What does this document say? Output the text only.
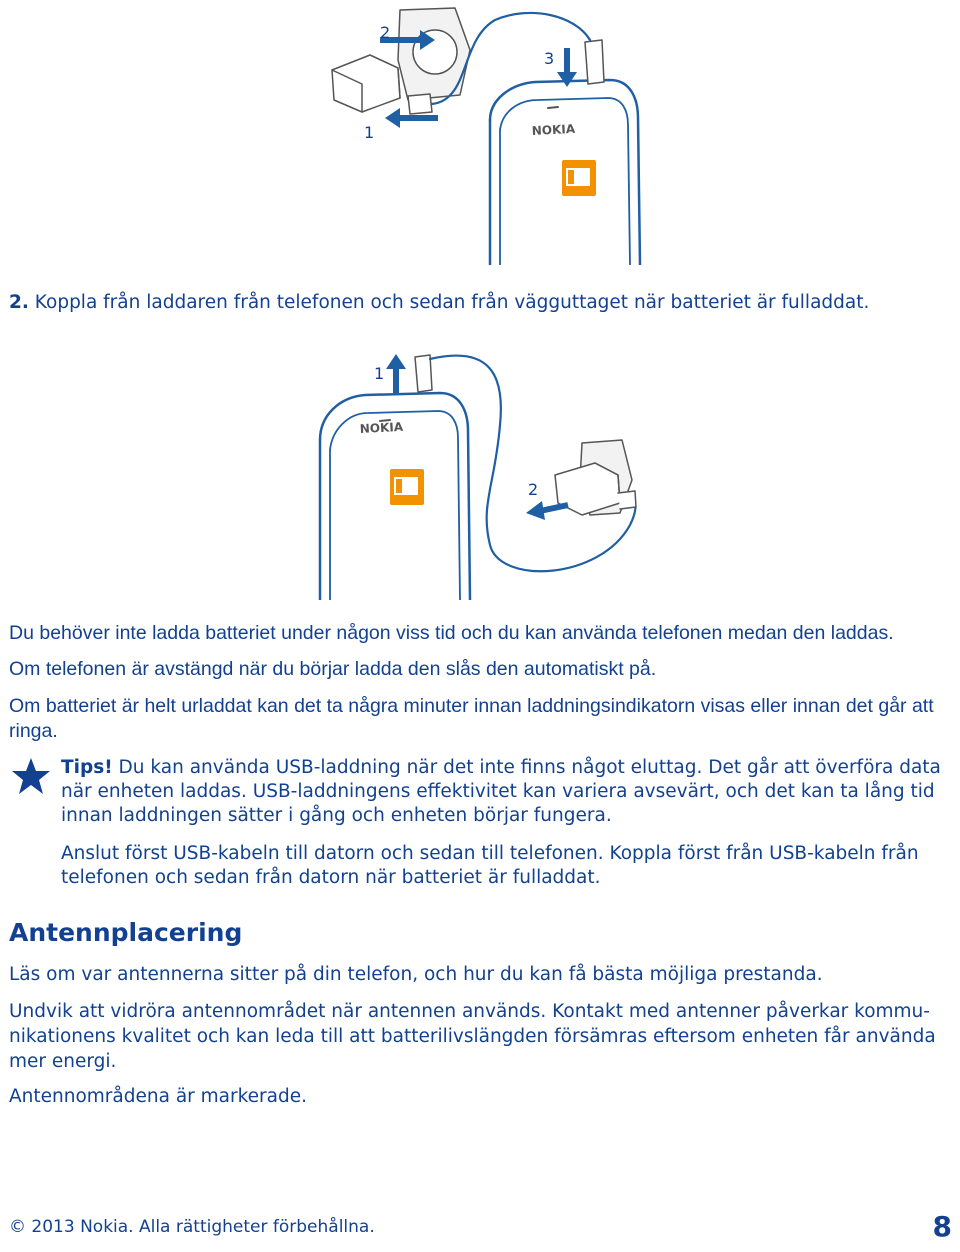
NOKIA
2
3
1

2. Koppla från laddaren från telefonen och sedan från vägguttaget när batteriet är fulladdat.

NOKIA
1
2

Du behöver inte ladda batteriet under någon viss tid och du kan använda telefonen medan den laddas.

Om telefonen är avstängd när du börjar ladda den slås den automatiskt på.

Om batteriet är helt urladdat kan det ta några minuter innan laddningsindikatorn visas eller innan det går att ringa.

Tips! Du kan använda USB-laddning när det inte finns något eluttag. Det går att överföra data när enheten laddas. USB-laddningens effektivitet kan variera avsevärt, och det kan ta lång tid innan laddningen sätter i gång och enheten börjar fungera.

Anslut först USB-kabeln till datorn och sedan till telefonen. Koppla först från USB-kabeln från telefonen och sedan från datorn när batteriet är fulladdat.

Antennplacering

Läs om var antennerna sitter på din telefon, och hur du kan få bästa möjliga prestanda.

Undvik att vidröra antennområdet när antennen används. Kontakt med antenner påverkar kommu-nikationens kvalitet och kan leda till att batterilivslängden försämras eftersom enheten får använda mer energi.

Antennområdena är markerade.

© 2013 Nokia. Alla rättigheter förbehållna.	8
